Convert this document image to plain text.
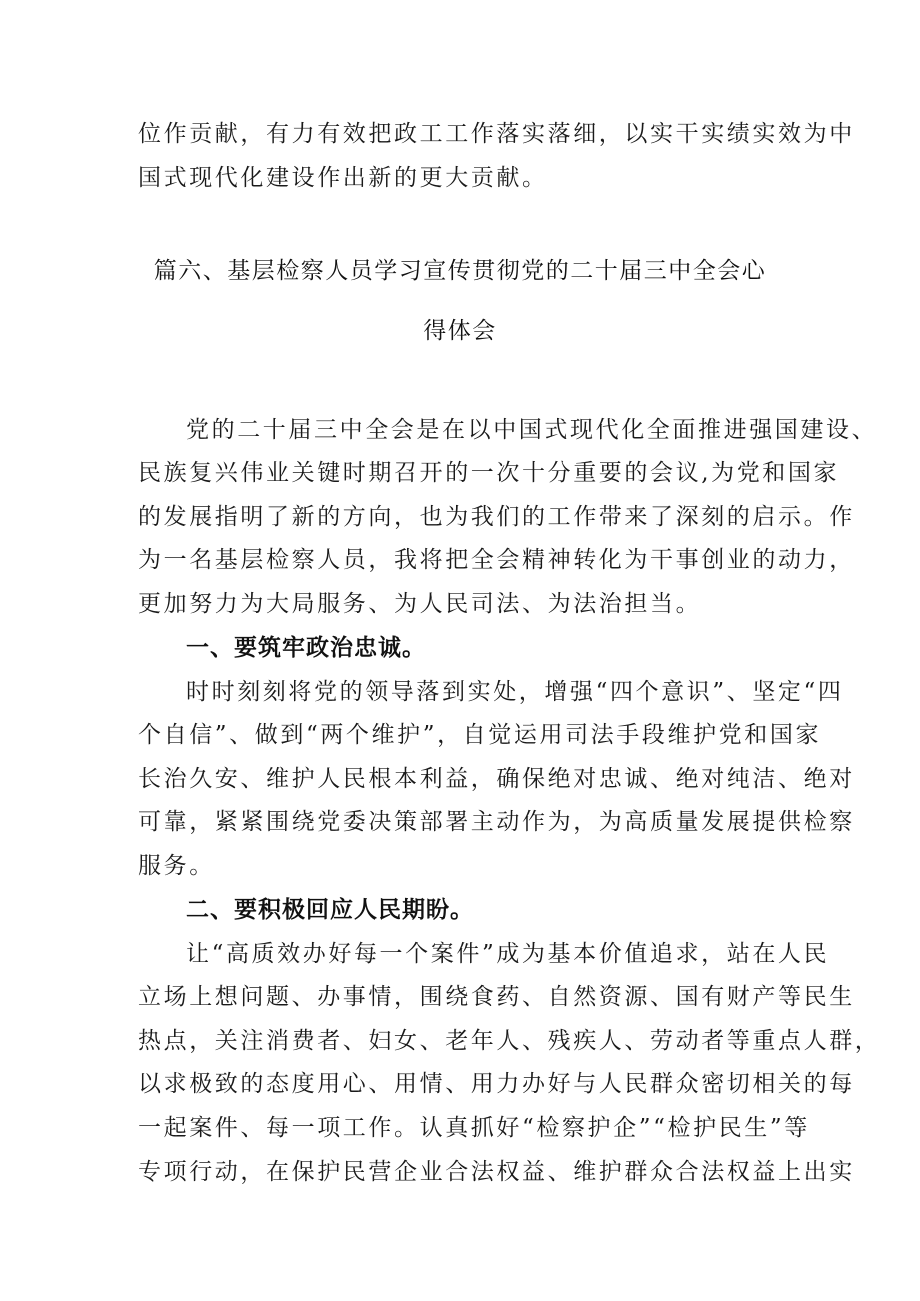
位作贡献，有力有效把政工工作落实落细，以实干实绩实效为中
国式现代化建设作出新的更大贡献。
篇六、基层检察人员学习宣传贯彻党的二十届三中全会心
得体会
党的二十届三中全会是在以中国式现代化全面推进强国建设、
民族复兴伟业关键时期召开的一次十分重要的会议,为党和国家
的发展指明了新的方向，也为我们的工作带来了深刻的启示。作
为一名基层检察人员，我将把全会精神转化为干事创业的动力，
更加努力为大局服务、为人民司法、为法治担当。
一、要筑牢政治忠诚。
时时刻刻将党的领导落到实处，增强“四个意识”、坚定“四
个自信”、做到“两个维护”，自觉运用司法手段维护党和国家
长治久安、维护人民根本利益，确保绝对忠诚、绝对纯洁、绝对
可靠，紧紧围绕党委决策部署主动作为，为高质量发展提供检察
服务。
二、要积极回应人民期盼。
让“高质效办好每一个案件”成为基本价值追求，站在人民
立场上想问题、办事情，围绕食药、自然资源、国有财产等民生
热点，关注消费者、妇女、老年人、残疾人、劳动者等重点人群，
以求极致的态度用心、用情、用力办好与人民群众密切相关的每
一起案件、每一项工作。认真抓好“检察护企”“检护民生”等
专项行动，在保护民营企业合法权益、维护群众合法权益上出实
